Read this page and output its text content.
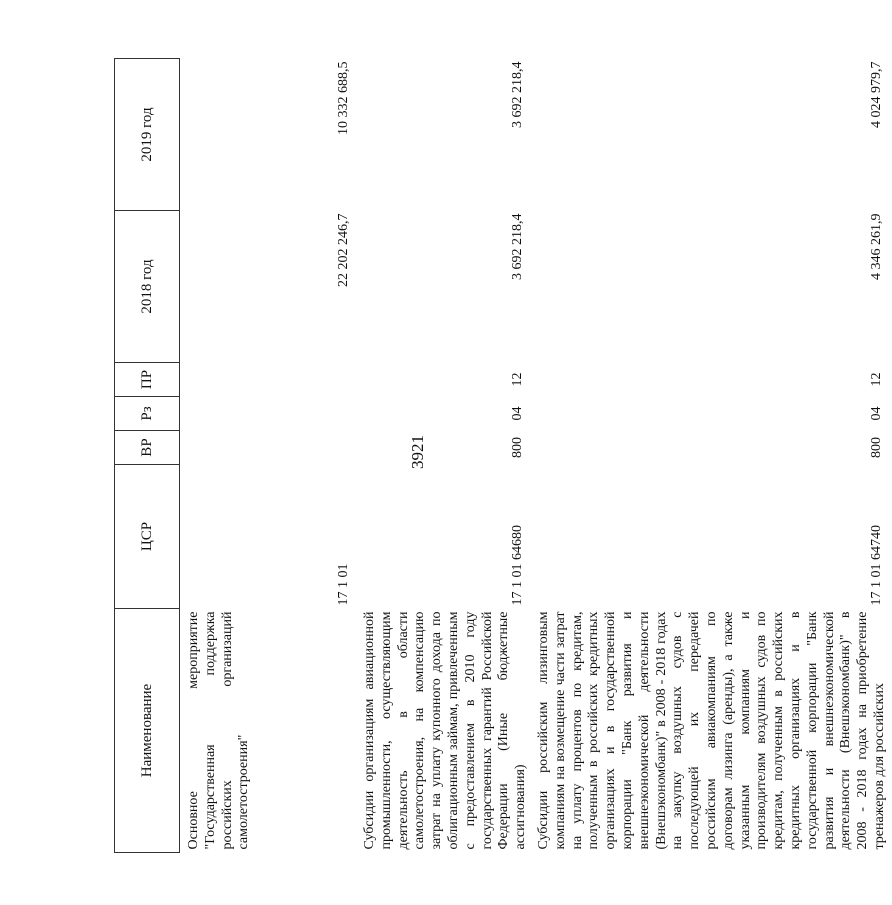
3921
Наименование	ЦСР	ВР	Рз	ПР	2018 год	2019 год
Основное мероприятие "Государственная поддержка российских организаций самолетостроения"	17 1 01				22 202 246,7	10 332 688,5
Субсидии организациям авиационной промышленности, осуществляющим деятельность в области самолетостроения, на компенсацию затрат на уплату купонного дохода по облигационным займам, привлеченным с предоставлением в 2010 году государственных гарантий Российской Федерации (Иные бюджетные ассигнования)	17 1 01 64680	800	04	12	3 692 218,4	3 692 218,4
Субсидии российским лизинговым компаниям на возмещение части затрат на уплату процентов по кредитам, полученным в российских кредитных организациях и в государственной корпорации "Банк развития и внешнеэкономической деятельности (Внешэкономбанк)" в 2008 - 2018 годах на закупку воздушных судов с последующей их передачей российским авиакомпаниям по договорам лизинга (аренды), а также указанным компаниям и производителям воздушных судов по кредитам, полученным в российских кредитных организациях и в государственной корпорации "Банк развития и внешнеэкономической деятельности (Внешэкономбанк)" в 2008 - 2018 годах на приобретение тренажеров для российских	17 1 01 64740	800	04	12	4 346 261,9	4 024 979,7
